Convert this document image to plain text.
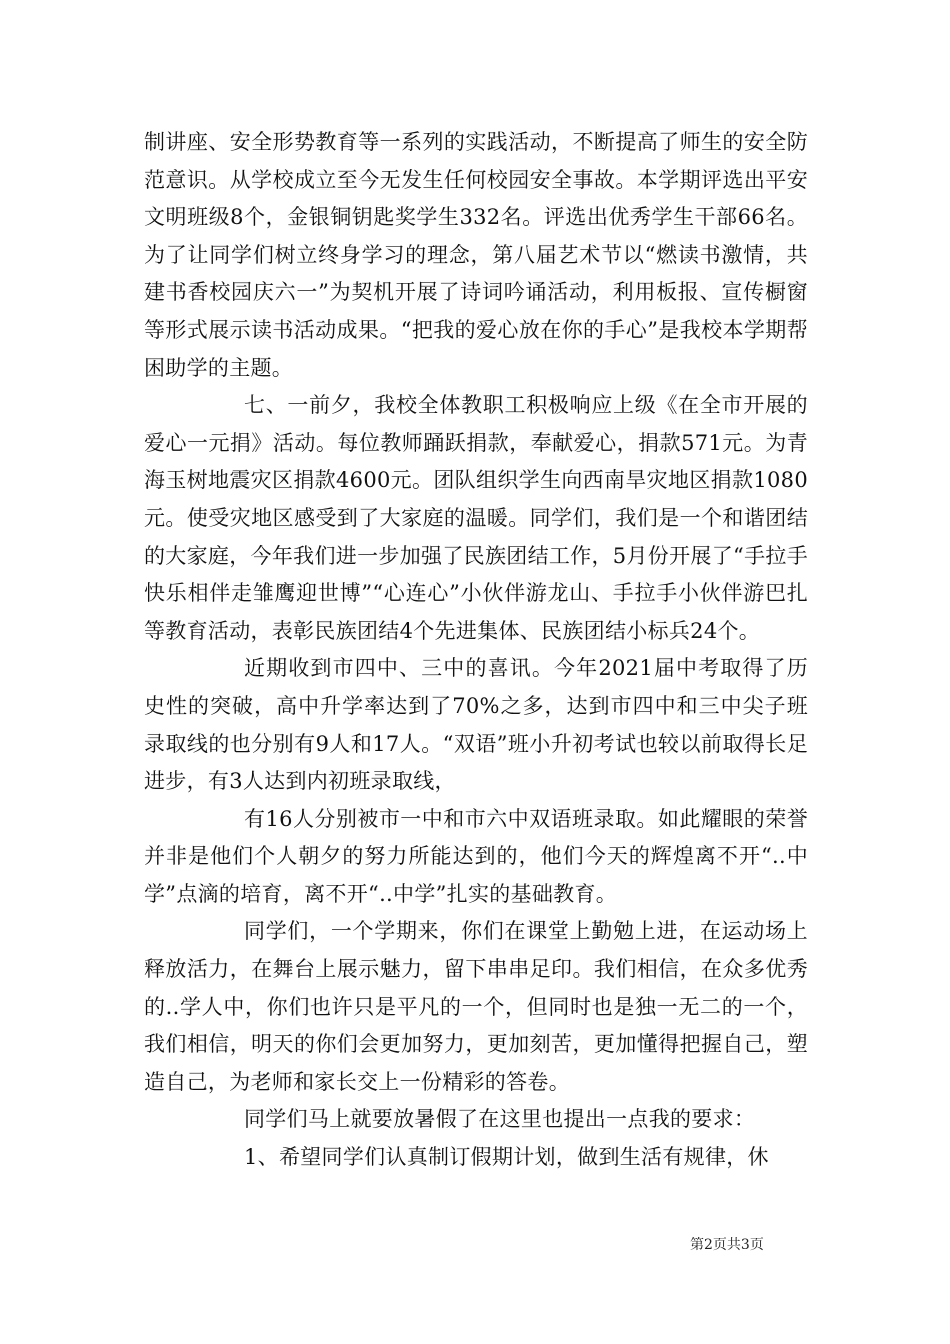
制讲座、安全形势教育等一系列的实践活动，不断提高了师生的安全防范意识。从学校成立至今无发生任何校园安全事故。本学期评选出平安文明班级8个，金银铜钥匙奖学生332名。评选出优秀学生干部66名。为了让同学们树立终身学习的理念，第八届艺术节以“燃读书激情，共建书香校园庆六一”为契机开展了诗词吟诵活动，利用板报、宣传橱窗等形式展示读书活动成果。“把我的爱心放在你的手心”是我校本学期帮困助学的主题。

七、一前夕，我校全体教职工积极响应上级《在全市开展的爱心一元捐》活动。每位教师踊跃捐款，奉献爱心，捐款571元。为青海玉树地震灾区捐款4600元。团队组织学生向西南旱灾地区捐款1080元。使受灾地区感受到了大家庭的温暖。同学们，我们是一个和谐团结的大家庭，今年我们进一步加强了民族团结工作，5月份开展了“手拉手快乐相伴走雏鹰迎世博”“心连心”小伙伴游龙山、手拉手小伙伴游巴扎等教育活动，表彰民族团结4个先进集体、民族团结小标兵24个。

近期收到市四中、三中的喜讯。今年2021届中考取得了历史性的突破，高中升学率达到了70%之多，达到市四中和三中尖子班录取线的也分别有9人和17人。“双语”班小升初考试也较以前取得长足进步，有3人达到内初班录取线，

有16人分别被市一中和市六中双语班录取。如此耀眼的荣誉并非是他们个人朝夕的努力所能达到的，他们今天的辉煌离不开“..中学”点滴的培育，离不开“..中学”扎实的基础教育。

同学们，一个学期来，你们在课堂上勤勉上进，在运动场上释放活力，在舞台上展示魅力，留下串串足印。我们相信，在众多优秀的..学人中，你们也许只是平凡的一个，但同时也是独一无二的一个，我们相信，明天的你们会更加努力，更加刻苦，更加懂得把握自己，塑造自己，为老师和家长交上一份精彩的答卷。

同学们马上就要放暑假了在这里也提出一点我的要求：

1、希望同学们认真制订假期计划，做到生活有规律，休

第2页共3页
